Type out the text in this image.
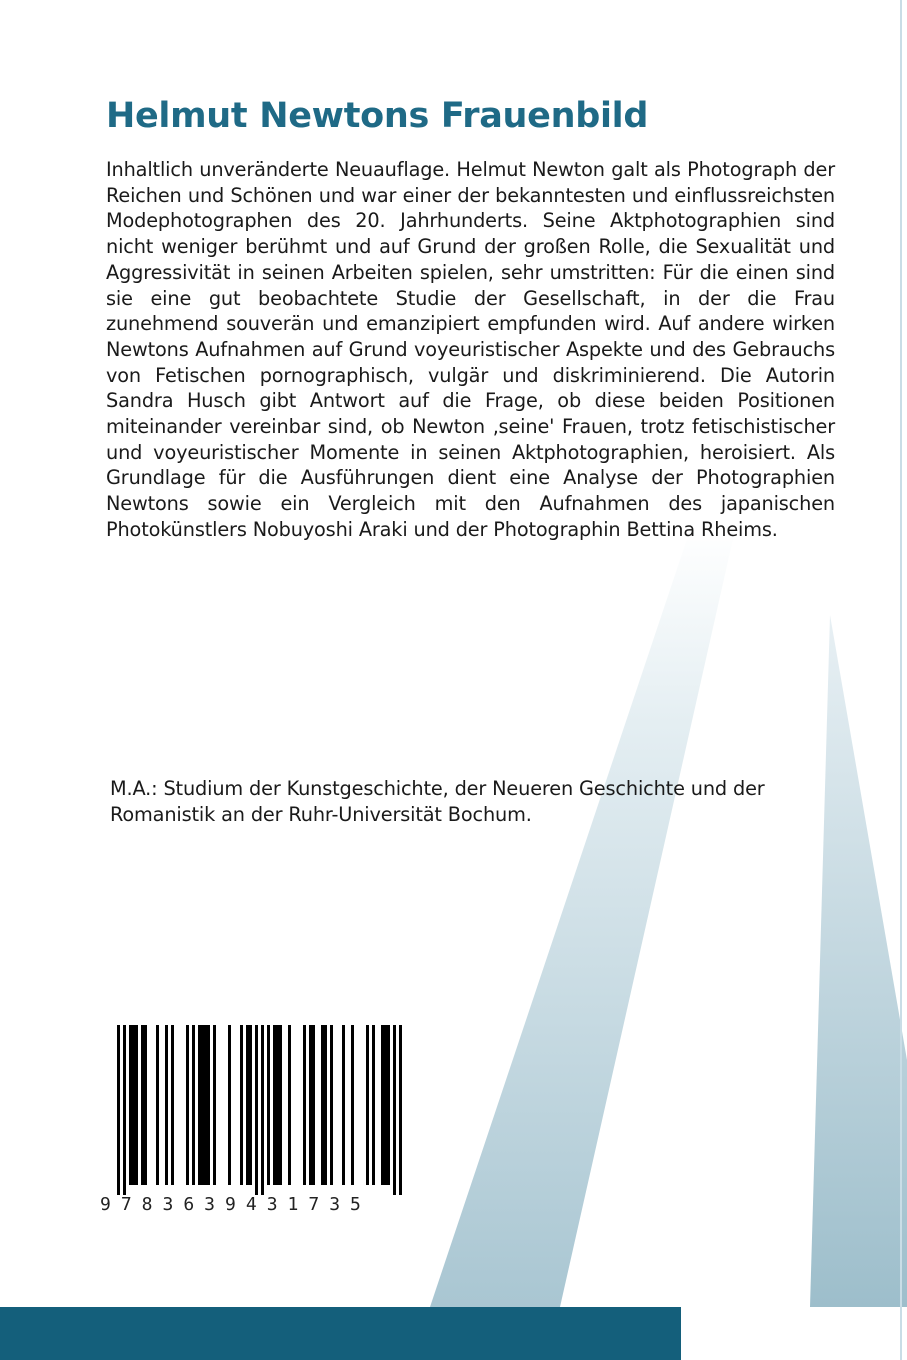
Helmut Newtons Frauenbild

Inhaltlich unveränderte Neuauflage. Helmut Newton galt als Photograph der Reichen und Schönen und war einer der bekanntesten und einflussreichsten Modephotographen des 20. Jahrhunderts. Seine Aktphotographien sind nicht weniger berühmt und auf Grund der großen Rolle, die Sexualität und Aggressivität in seinen Arbeiten spielen, sehr umstritten: Für die einen sind sie eine gut beobachtete Studie der Gesellschaft, in der die Frau zunehmend souverän und emanzipiert empfunden wird. Auf andere wirken Newtons Aufnahmen auf Grund voyeuristischer Aspekte und des Gebrauchs von Fetischen pornographisch, vulgär und diskriminierend. Die Autorin Sandra Husch gibt Antwort auf die Frage, ob diese beiden Positionen miteinander vereinbar sind, ob Newton ‚seine' Frauen, trotz fetischistischer und voyeuristischer Momente in seinen Aktphotographien, heroisiert. Als Grundlage für die Ausführungen dient eine Analyse der Photographien Newtons sowie ein Vergleich mit den Aufnahmen des japanischen Photokünstlers Nobuyoshi Araki und der Photographin Bettina Rheims.

M.A.: Studium der Kunstgeschichte, der Neueren Geschichte und der Romanistik an der Ruhr-Universität Bochum.

9783639431735
